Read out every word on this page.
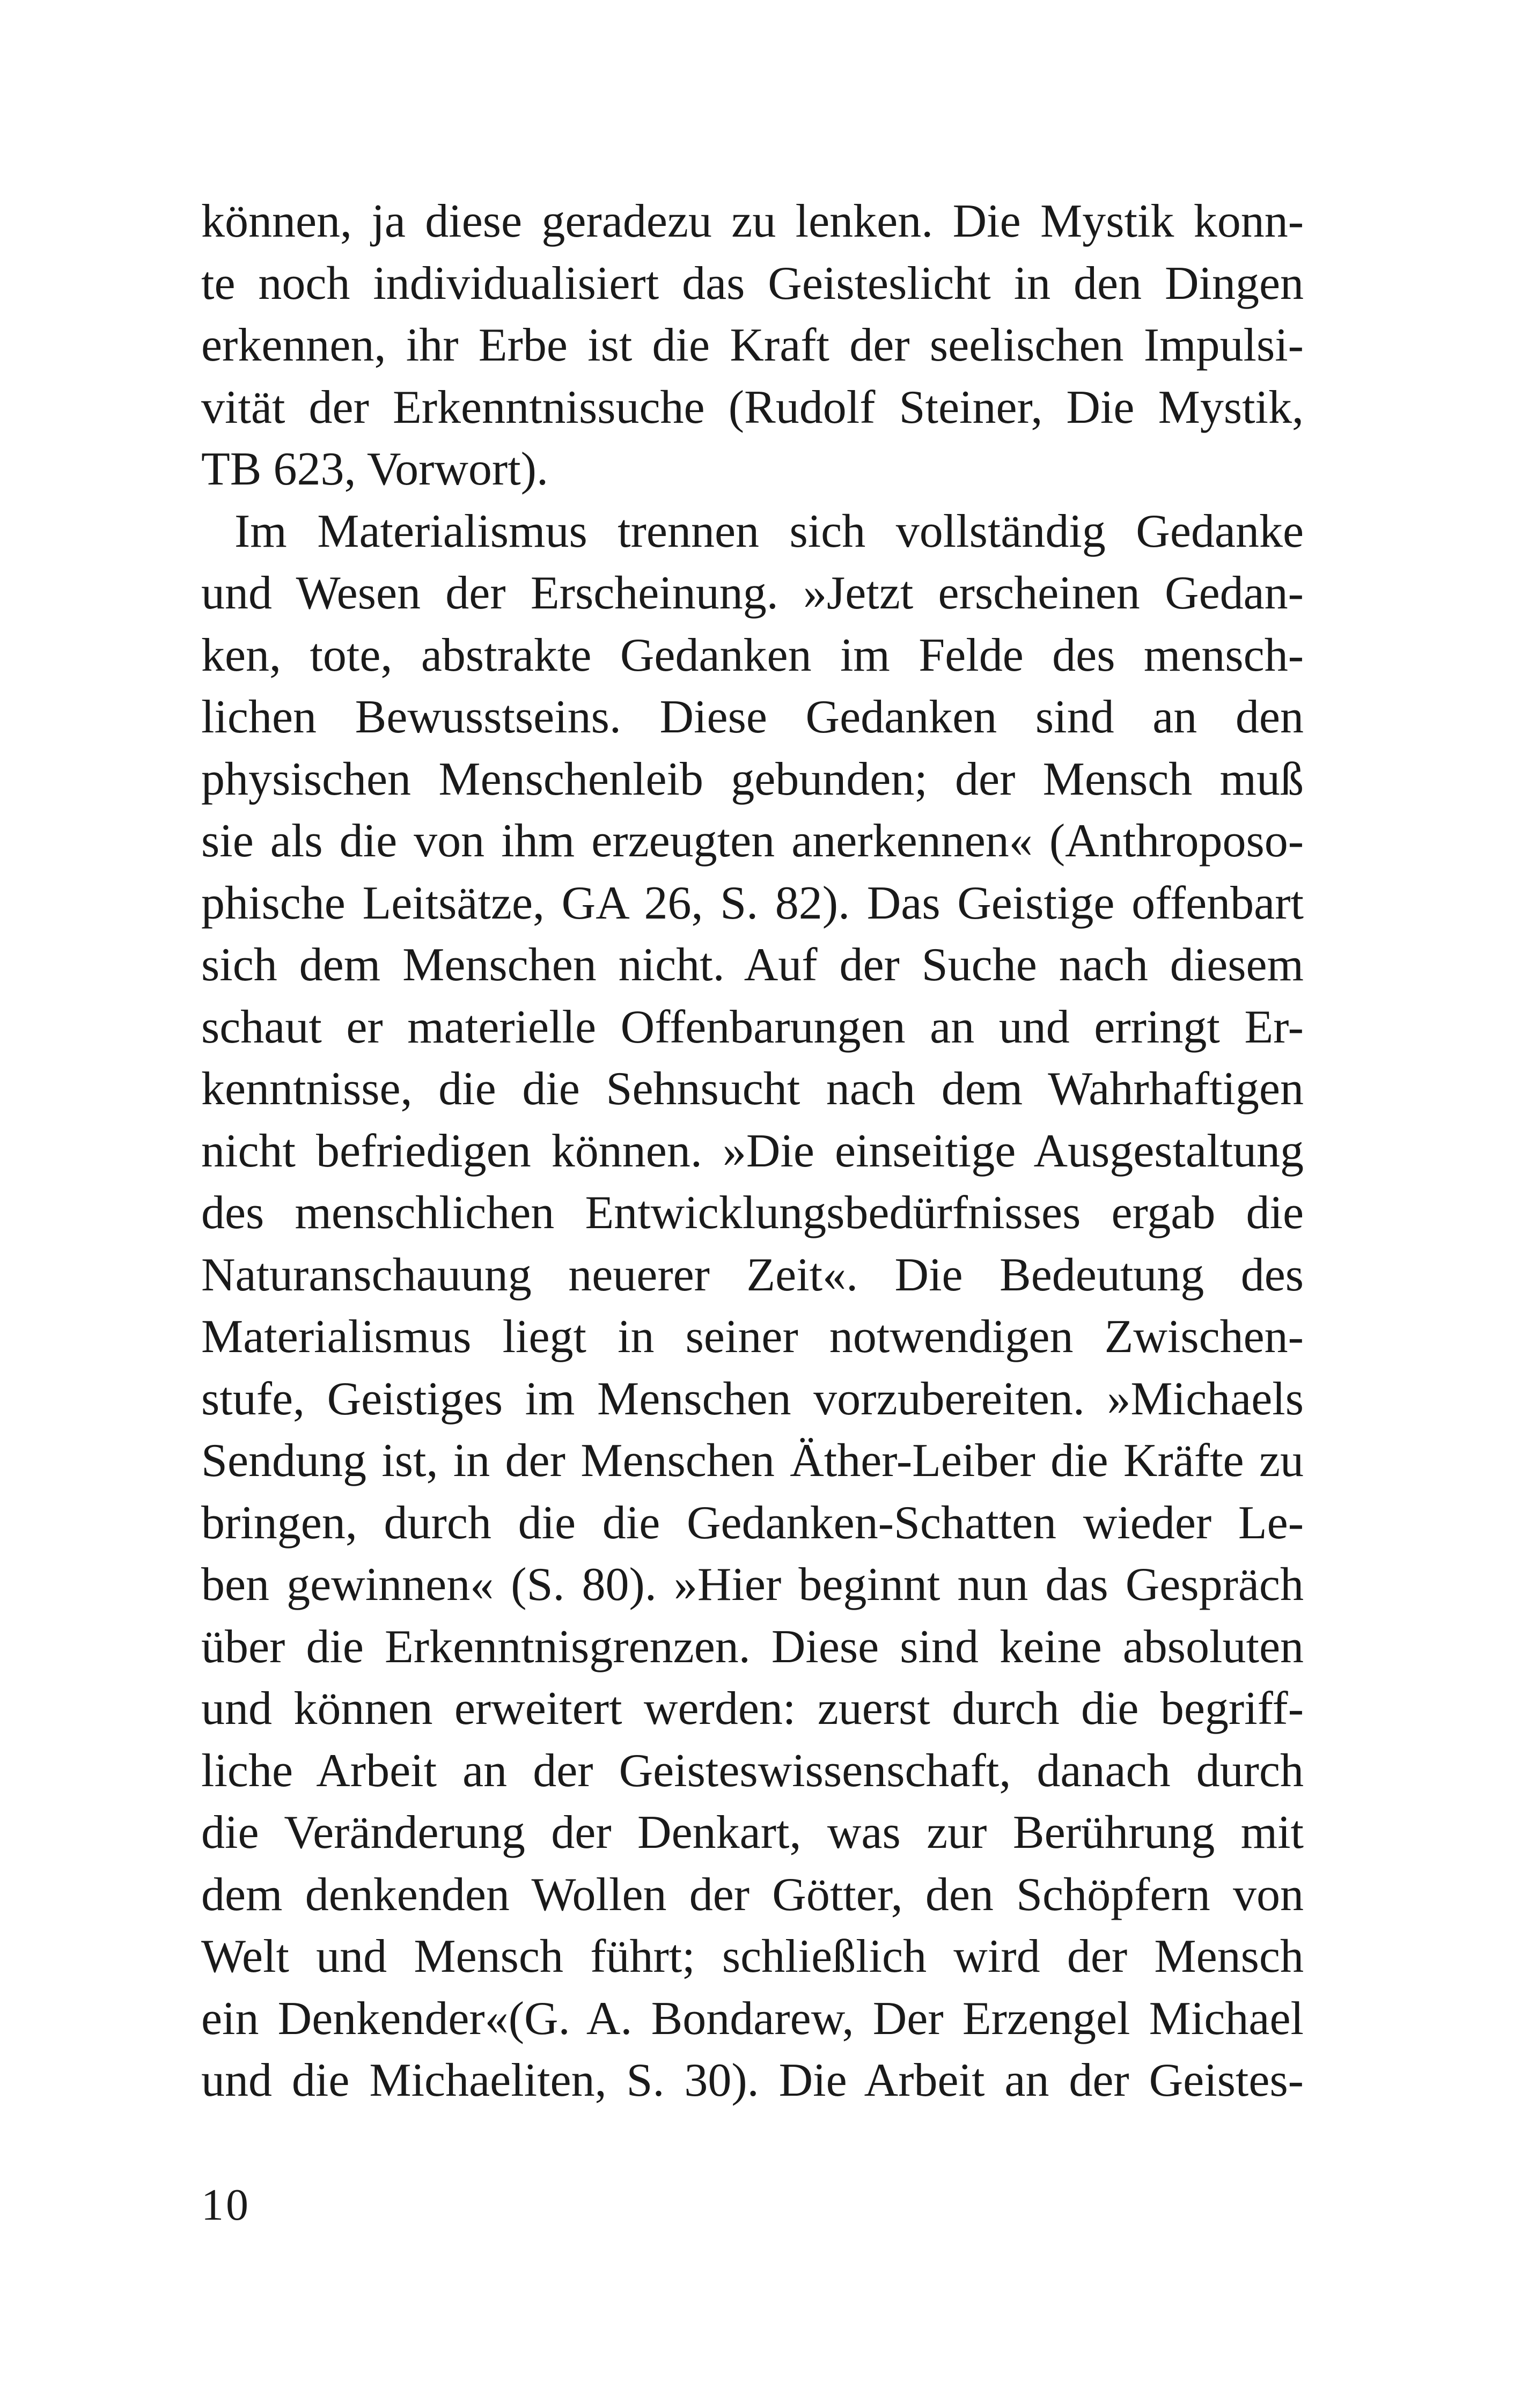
können, ja diese geradezu zu lenken. Die Mystik konn-
te noch individualisiert das Geisteslicht in den Dingen
erkennen, ihr Erbe ist die Kraft der seelischen Impulsi-
vität der Erkenntnissuche (Rudolf Steiner, Die Mystik,
TB 623, Vorwort).
Im Materialismus trennen sich vollständig Gedanke
und Wesen der Erscheinung. »Jetzt erscheinen Gedan-
ken, tote, abstrakte Gedanken im Felde des mensch-
lichen Bewusstseins. Diese Gedanken sind an den
physischen Menschenleib gebunden; der Mensch muß
sie als die von ihm erzeugten anerkennen« (Anthroposo-
phische Leitsätze, GA 26, S. 82). Das Geistige offenbart
sich dem Menschen nicht. Auf der Suche nach diesem
schaut er materielle Offenbarungen an und erringt Er-
kenntnisse, die die Sehnsucht nach dem Wahrhaftigen
nicht befriedigen können. »Die einseitige Ausgestaltung
des menschlichen Entwicklungsbedürfnisses ergab die
Naturanschauung neuerer Zeit«. Die Bedeutung des
Materialismus liegt in seiner notwendigen Zwischen-
stufe, Geistiges im Menschen vorzubereiten. »Michaels
Sendung ist, in der Menschen Äther-Leiber die Kräfte zu
bringen, durch die die Gedanken-Schatten wieder Le-
ben gewinnen« (S. 80). »Hier beginnt nun das Gespräch
über die Erkenntnisgrenzen. Diese sind keine absoluten
und können erweitert werden: zuerst durch die begriff-
liche Arbeit an der Geisteswissenschaft, danach durch
die Veränderung der Denkart, was zur Berührung mit
dem denkenden Wollen der Götter, den Schöpfern von
Welt und Mensch führt; schließlich wird der Mensch
ein Denkender«(G. A. Bondarew, Der Erzengel Michael
und die Michaeliten, S. 30). Die Arbeit an der Geistes-
10
